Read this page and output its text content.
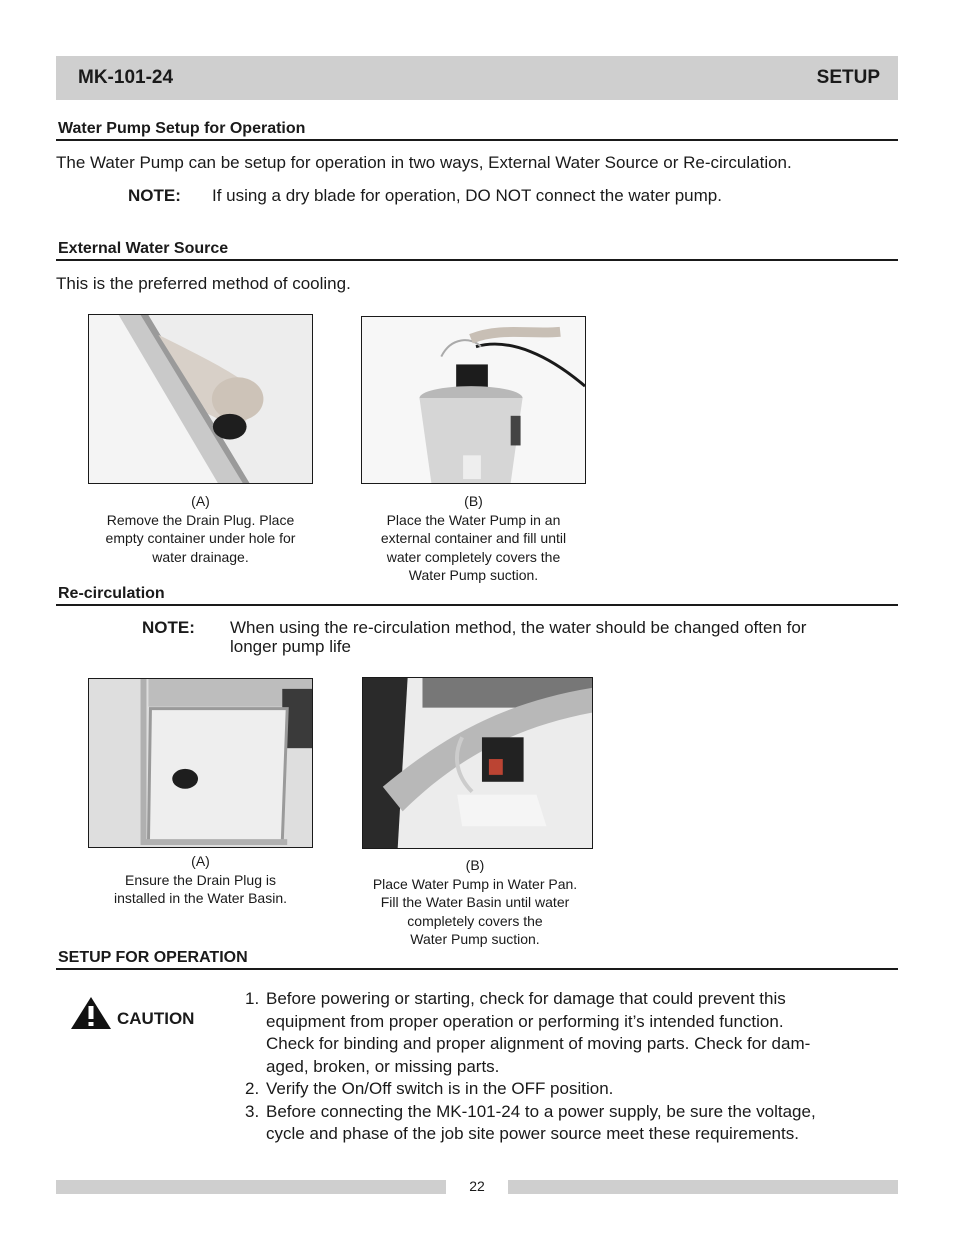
MK-101-24	SETUP
Water Pump Setup for Operation
The Water Pump can be setup for operation in two ways, External Water Source or Re-circulation.
NOTE: If using a dry blade for operation, DO NOT connect the water pump.
External Water Source
This is the preferred method of cooling.
(A)
Remove the Drain Plug. Place
empty container under hole for
water drainage.
(B)
Place the Water Pump in an
external container and fill until
water completely covers the
Water Pump suction.
Re-circulation
NOTE: When using the re-circulation method, the water should be changed often for
longer pump life
(A)
Ensure the Drain Plug is
installed in the Water Basin.
(B)
Place Water Pump in Water Pan.
Fill the Water Basin until water
completely covers the
Water Pump suction.
SETUP FOR OPERATION
CAUTION
1. Before powering or starting, check for damage that could prevent this
equipment from proper operation or performing it’s intended function.
Check for binding and proper alignment of moving parts. Check for dam-
aged, broken, or missing parts.
2. Verify the On/Off switch is in the OFF position.
3. Before connecting the MK-101-24 to a power supply, be sure the voltage,
cycle and phase of the job site power source meet these requirements.
22
